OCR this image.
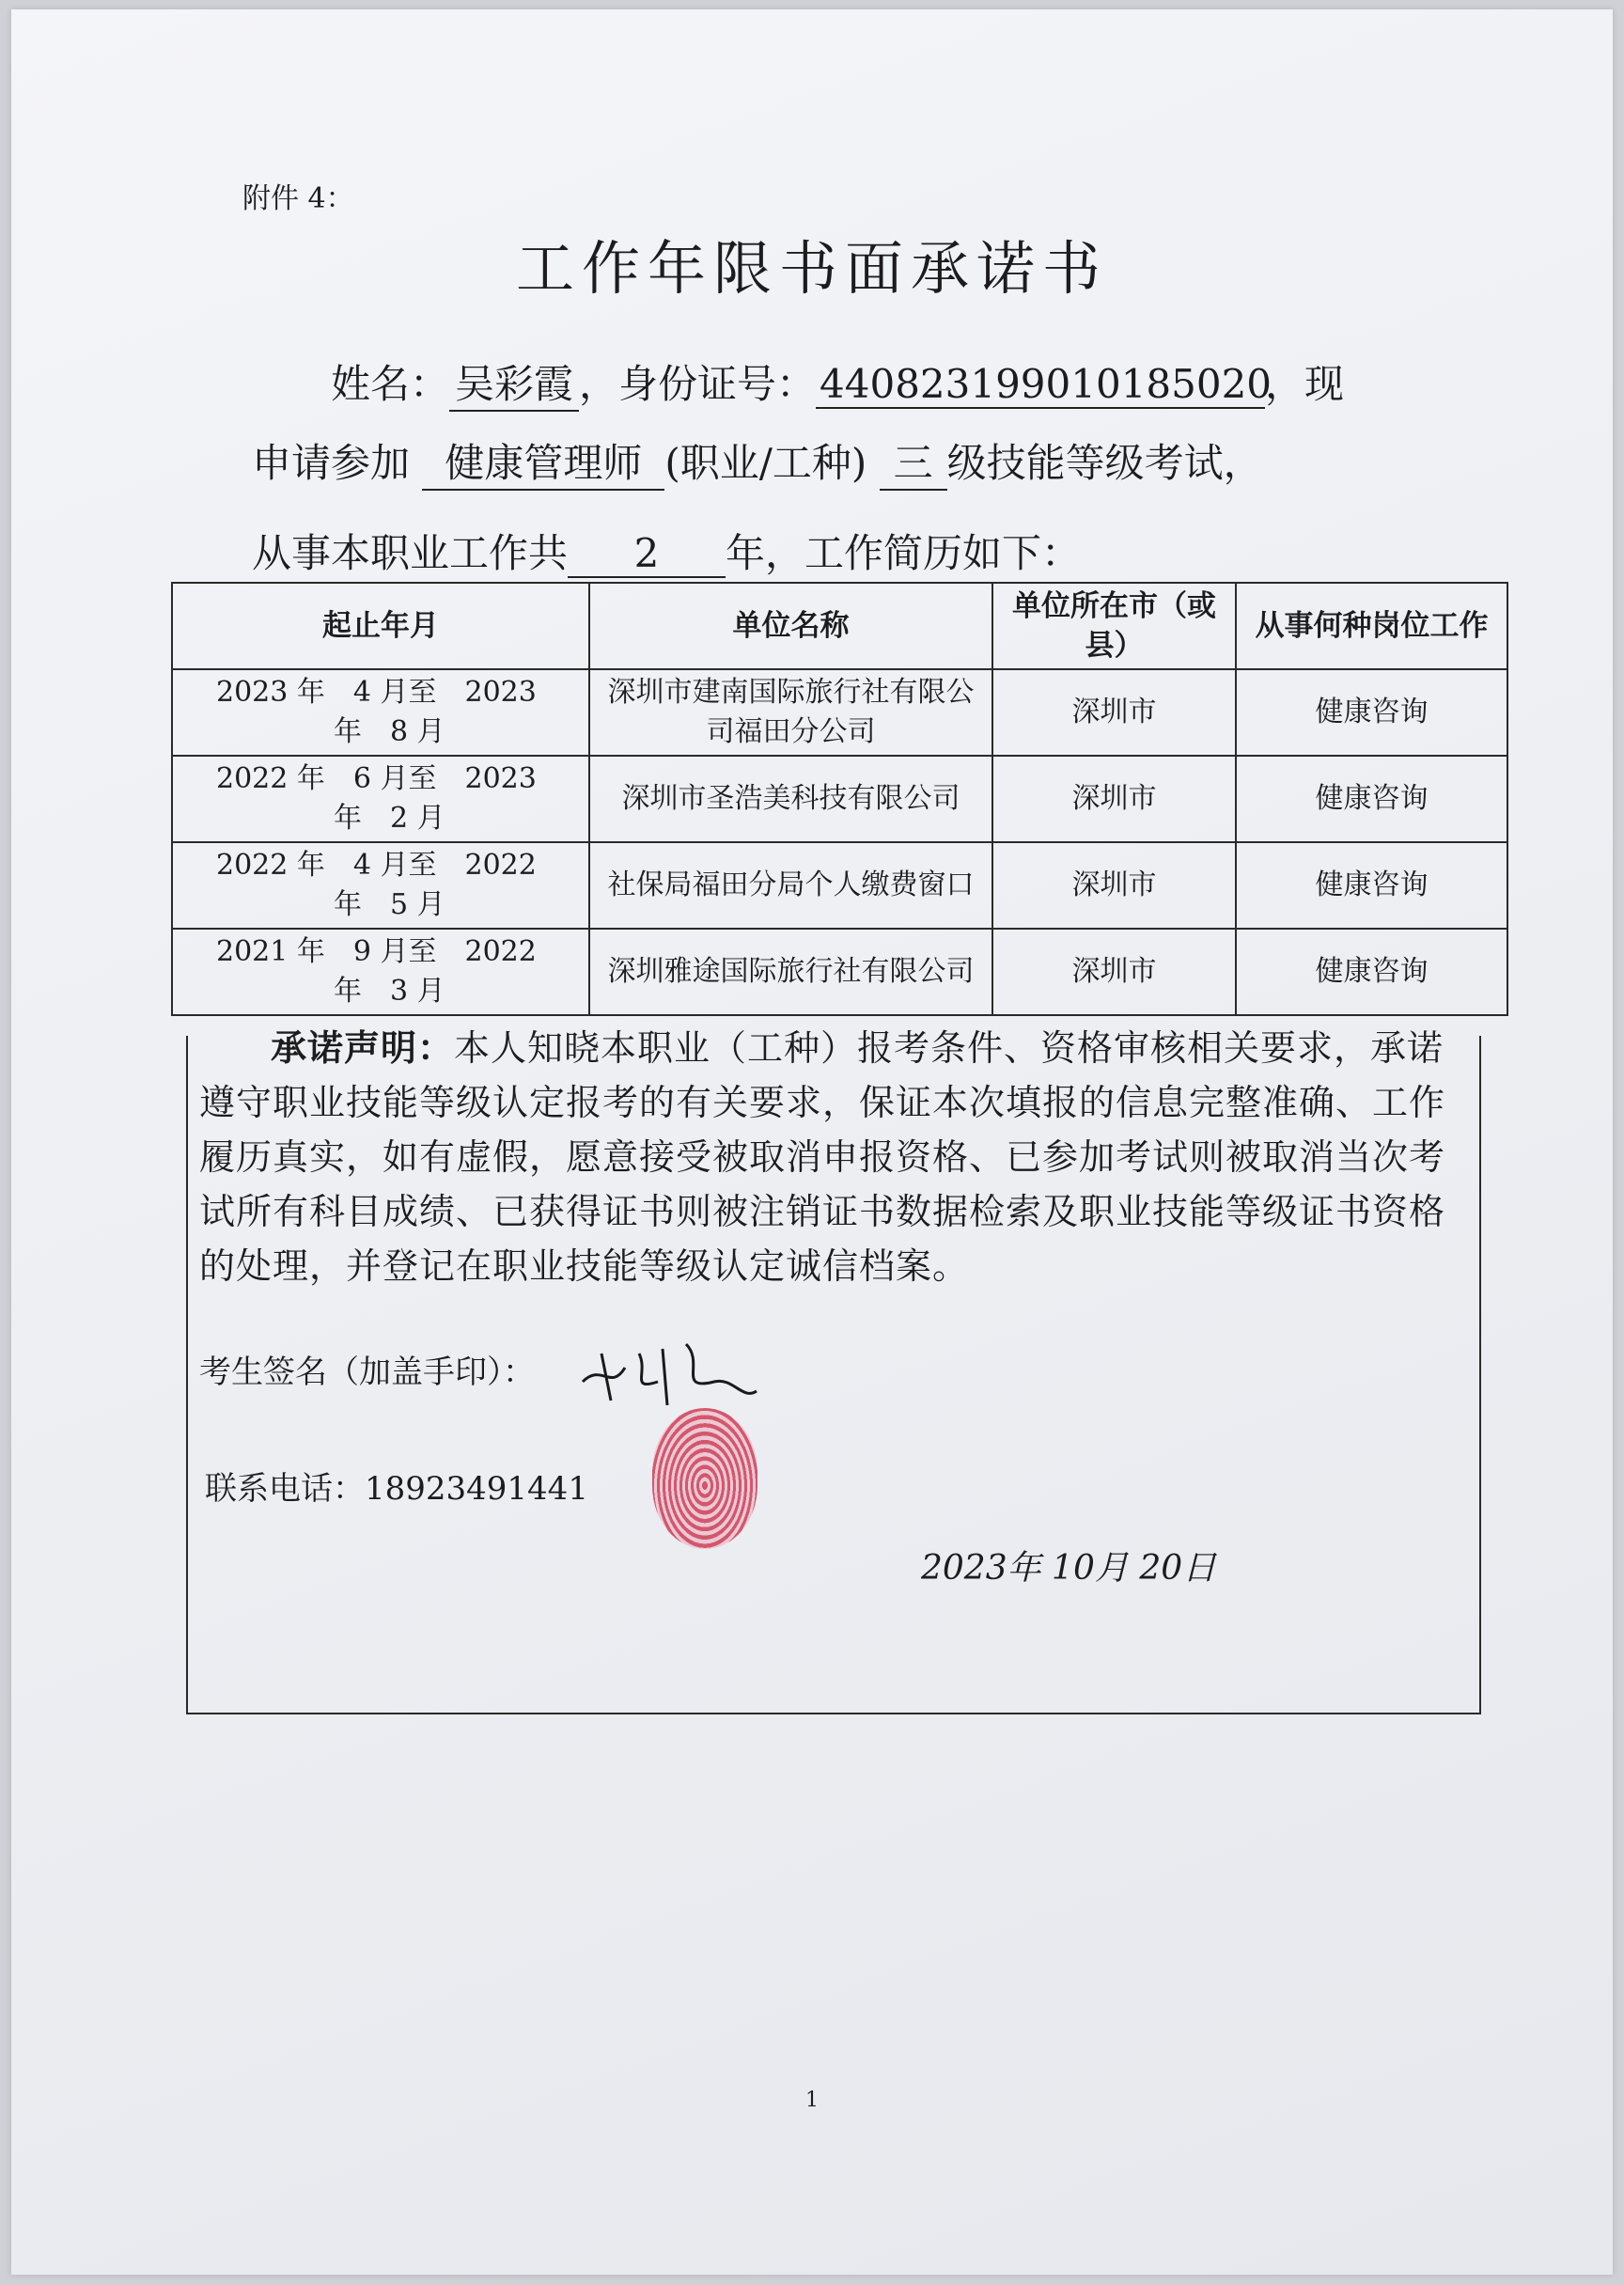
附件 4：
工作年限书面承诺书
姓名： 吴彩霞 ，身份证号：440823199010185020，现
申请参加 健康管理师 (职业/工种) 三 级技能等级考试，
从事本职业工作共 2 年，工作简历如下：
起止年月	单位名称	单位所在市（或县）	从事何种岗位工作

2023 年　4 月至　2023
年　8 月	深圳市建南国际旅行社有限公司福田分公司	深圳市	健康咨询

2022 年　6 月至　2023
年　2 月	深圳市圣浩美科技有限公司	深圳市	健康咨询

2022 年　4 月至　2022
年　5 月	社保局福田分局个人缴费窗口	深圳市	健康咨询

2021 年　9 月至　2022
年　3 月	深圳雅途国际旅行社有限公司	深圳市	健康咨询
承诺声明：本人知晓本职业（工种）报考条件、资格审核相关要求，承诺遵守职业技能等级认定报考的有关要求，保证本次填报的信息完整准确、工作履历真实，如有虚假，愿意接受被取消申报资格、已参加考试则被取消当次考试所有科目成绩、已获得证书则被注销证书数据检索及职业技能等级证书资格的处理，并登记在职业技能等级认定诚信档案。
考生签名（加盖手印）：
联系电话：18923491441
2023年 10月 20日
1
